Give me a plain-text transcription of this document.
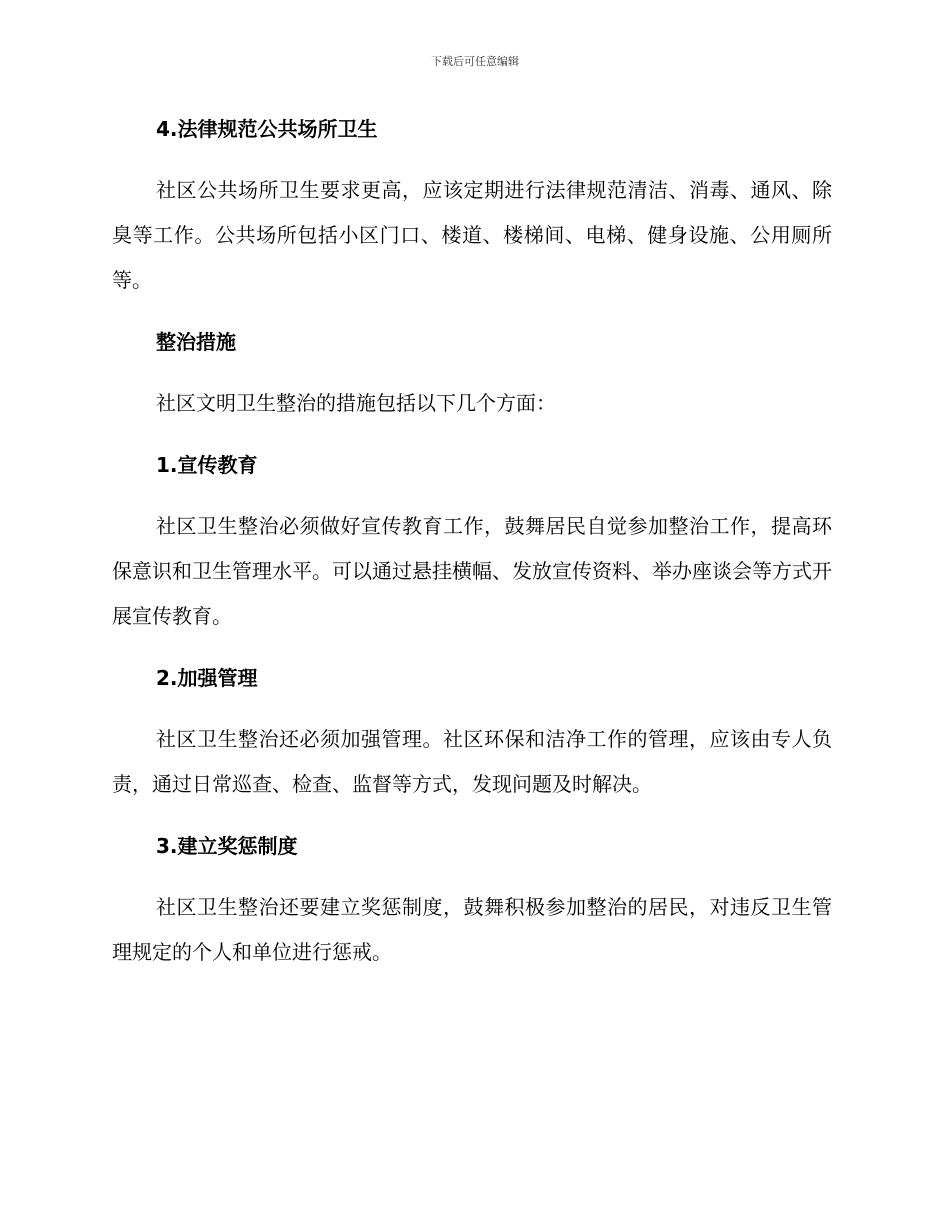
下载后可任意编辑
4.法律规范公共场所卫生

社区公共场所卫生要求更高，应该定期进行法律规范清洁、消毒、通风、除臭等工作。公共场所包括小区门口、楼道、楼梯间、电梯、健身设施、公用厕所等。

整治措施

社区文明卫生整治的措施包括以下几个方面：

1.宣传教育

社区卫生整治必须做好宣传教育工作，鼓舞居民自觉参加整治工作，提高环保意识和卫生管理水平。可以通过悬挂横幅、发放宣传资料、举办座谈会等方式开展宣传教育。

2.加强管理

社区卫生整治还必须加强管理。社区环保和洁净工作的管理，应该由专人负责，通过日常巡查、检查、监督等方式，发现问题及时解决。

3.建立奖惩制度

社区卫生整治还要建立奖惩制度，鼓舞积极参加整治的居民，对违反卫生管理规定的个人和单位进行惩戒。
